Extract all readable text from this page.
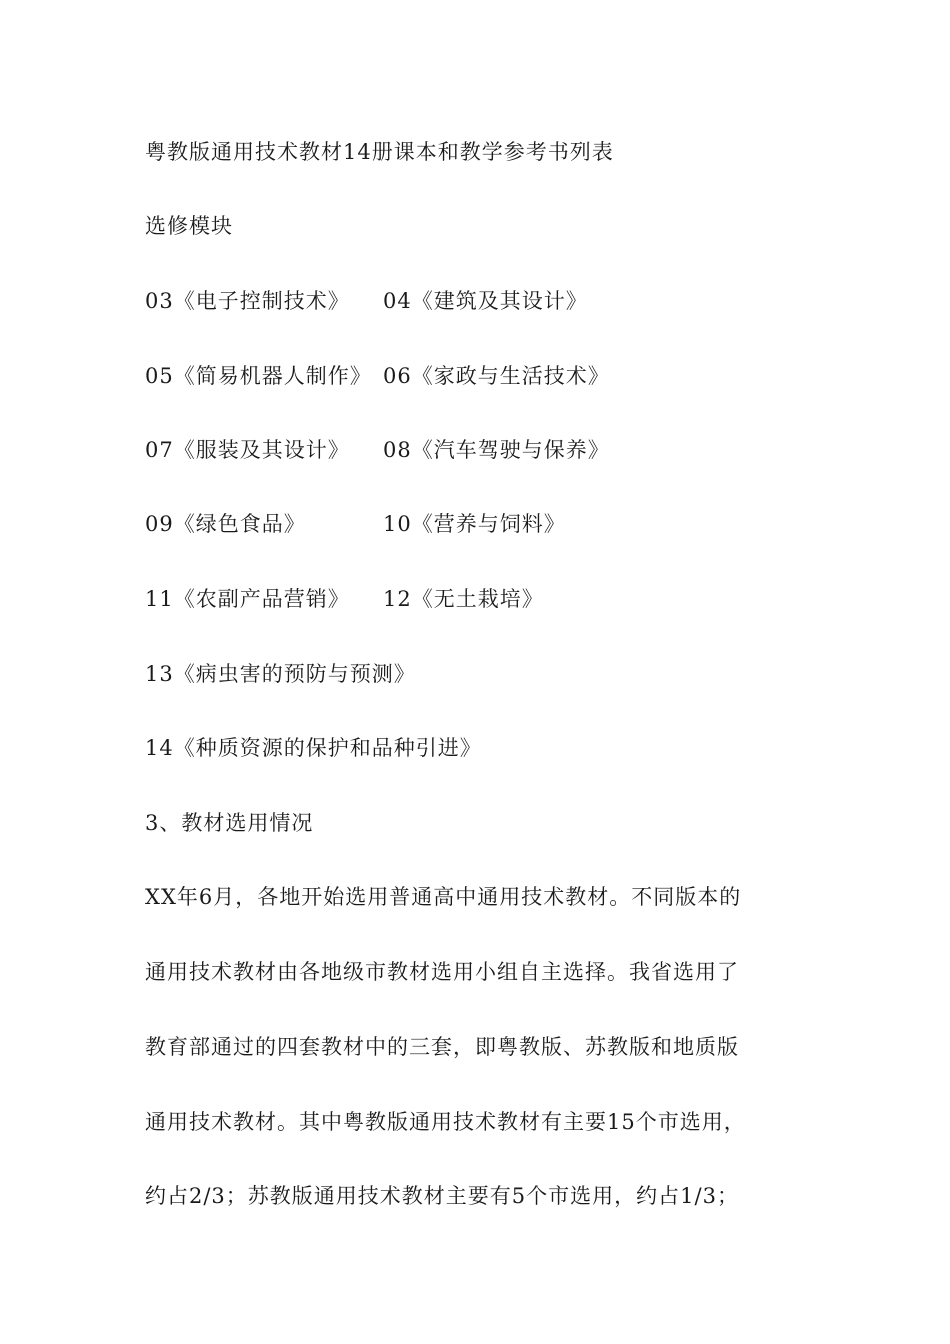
粤教版通用技术教材14册课本和教学参考书列表
选修模块
03《电子控制技术》 04《建筑及其设计》
05《简易机器人制作》 06《家政与生活技术》
07《服装及其设计》 08《汽车驾驶与保养》
09《绿色食品》	10《营养与饲料》
11《农副产品营销》 12《无土栽培》
13《病虫害的预防与预测》
14《种质资源的保护和品种引进》
3、教材选用情况
XX年6月，各地开始选用普通高中通用技术教材。不同版本的
通用技术教材由各地级市教材选用小组自主选择。我省选用了
教育部通过的四套教材中的三套，即粤教版、苏教版和地质版
通用技术教材。其中粤教版通用技术教材有主要15个市选用，
约占2/3；苏教版通用技术教材主要有5个市选用，约占1/3；
